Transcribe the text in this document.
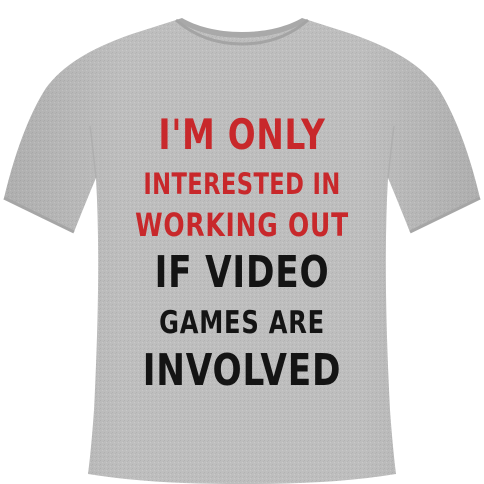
I'M ONLY
INTERESTED IN
WORKING OUT
IF VIDEO
GAMES ARE
INVOLVED
